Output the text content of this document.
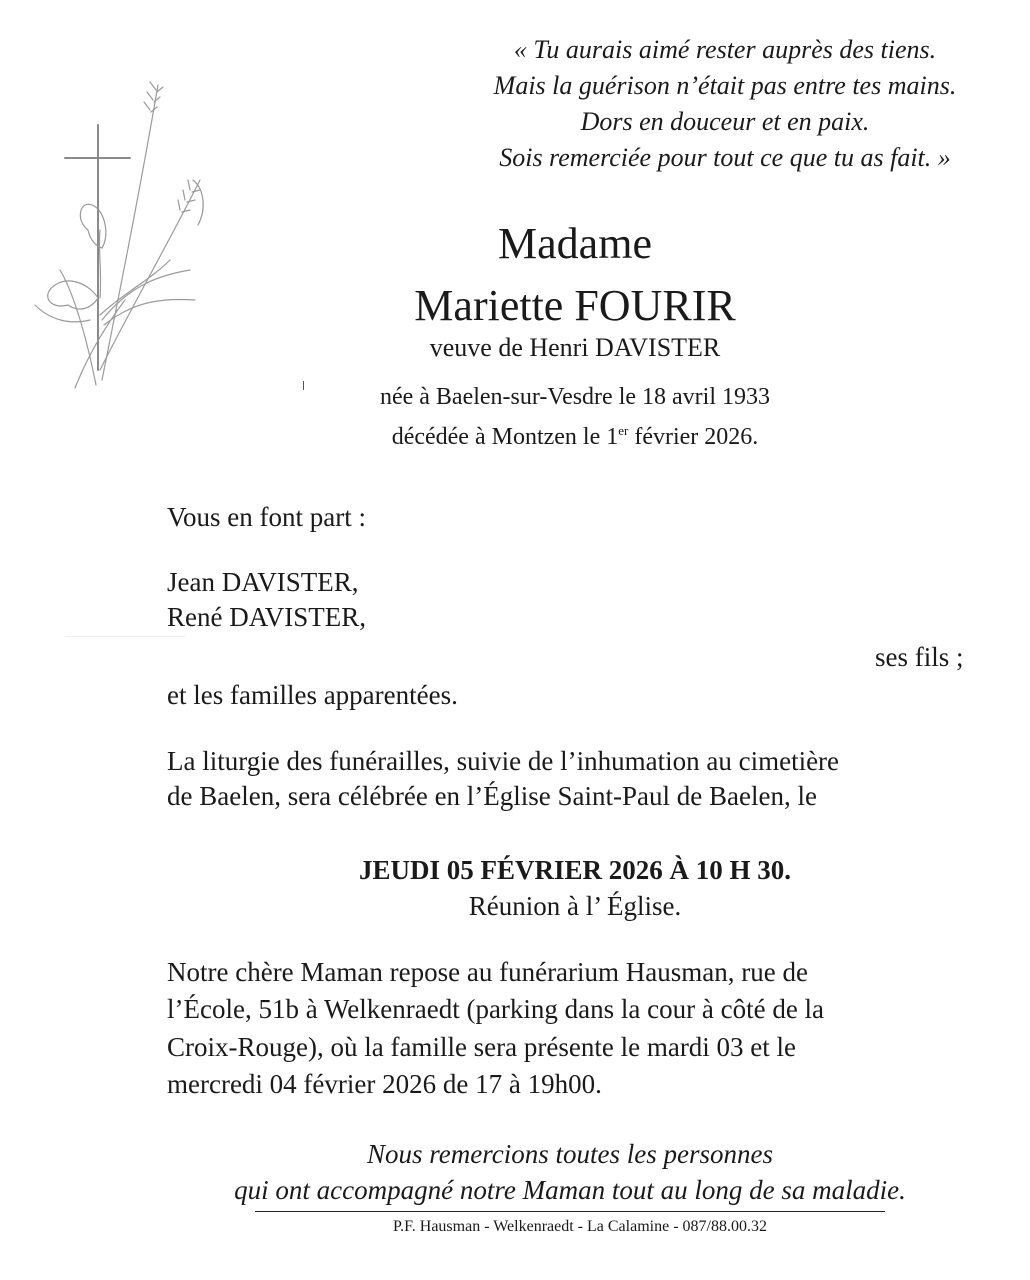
« Tu aurais aimé rester auprès des tiens.
Mais la guérison n’était pas entre tes mains.
Dors en douceur et en paix.
Sois remerciée pour tout ce que tu as fait. »
Madame
Mariette FOURIR
veuve de Henri DAVISTER
née à Baelen-sur-Vesdre le 18 avril 1933
décédée à Montzen le 1er février 2026.
Vous en font part :
Jean DAVISTER,
René DAVISTER,
ses fils ;
et les familles apparentées.
La liturgie des funérailles, suivie de l’inhumation au cimetière
de Baelen, sera célébrée en l’Église Saint-Paul de Baelen, le
JEUDI 05 FÉVRIER 2026 À 10 H 30.
Réunion à l’ Église.
Notre chère Maman repose au funérarium Hausman, rue de
l’École, 51b à Welkenraedt (parking dans la cour à côté de la
Croix-Rouge), où la famille sera présente le mardi 03 et le
mercredi 04 février 2026 de 17 à 19h00.
Nous remercions toutes les personnes
qui ont accompagné notre Maman tout au long de sa maladie.
P.F. Hausman - Welkenraedt - La Calamine - 087/88.00.32
